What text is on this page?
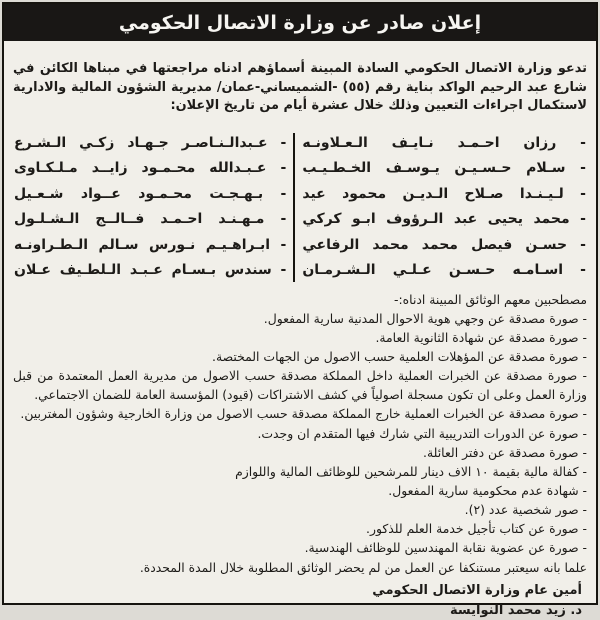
إعلان صادر عن وزارة الاتصال الحكومي

تدعو وزارة الاتصال الحكومي السادة المبينة أسماؤهم ادناه مراجعتها في مبناها الكائن في شارع عبد الرحيم الواكد بناية رقم (٥٥) -الشميساني-عمان/ مديرية الشؤون المالية والادارية لاستكمال اجراءات التعيين وذلك خلال عشرة أيام من تاريخ الإعلان:

- رزان احـمـد نـايـف الـعـلاونـه
- سـلام حـسـيـن يـوسـف الخـطـيـب
- لـيـنـدا صـلاح الـديـن محمود عيد
- محمد يحيى عبد الـرؤوف ابـو كركي
- حسـن فيصل محمد محمد الرفاعي
- اسـامـه حـسـن عـلـي الـشـرمـان
- عـبدالـنـاصـر جـهـاد زكـي الـشـرع
- عـبـدالله محـمـود زايــد مـلـكـاوى
- بـهـجـت محـمـود عــواد شـعـيل
- مـهـنـد احـمـد فــالــج الـشـلـول
- ابـراهـيـم نـورس سـالم الـطـراونـه
- سندس بـسـام عـبـد الـلطـيف عـلان
مصطحبين معهم الوثائق المبينة ادناه:-
- صورة مصدقة عن وجهي هوية الاحوال المدنية سارية المفعول.
- صورة مصدقة عن شهادة الثانوية العامة.
- صورة مصدقة عن المؤهلات العلمية حسب الاصول من الجهات المختصة.
- صورة مصدقة عن الخبرات العملية داخل المملكة مصدقة حسب الاصول من مديرية العمل المعتمدة من قبل وزارة العمل وعلى ان تكون مسجلة اصولياً في كشف الاشتراكات (قيود) المؤسسة العامة للضمان الاجتماعي.
- صورة مصدقة عن الخبرات العملية خارج المملكة مصدقة حسب الاصول من وزارة الخارجية وشؤون المغتربين.
- صورة عن الدورات التدريبية التي شارك فيها المتقدم ان وجدت.
- صورة مصدقة عن دفتر العائلة.
- كفالة مالية بقيمة ١٠ الاف دينار للمرشحين للوظائف المالية واللوازم
- شهادة عدم محكومية سارية المفعول.
- صور شخصية عدد (٢).
- صورة عن كتاب تأجيل خدمة العلم للذكور.
- صورة عن عضوية نقابة المهندسين للوظائف الهندسية.
علما بانه سيعتبر مستنكفا عن العمل من لم يحضر الوثائق المطلوبة خلال المدة المحددة.
أمين عام وزارة الاتصال الحكومي
د. زيد محمد النوايسة
